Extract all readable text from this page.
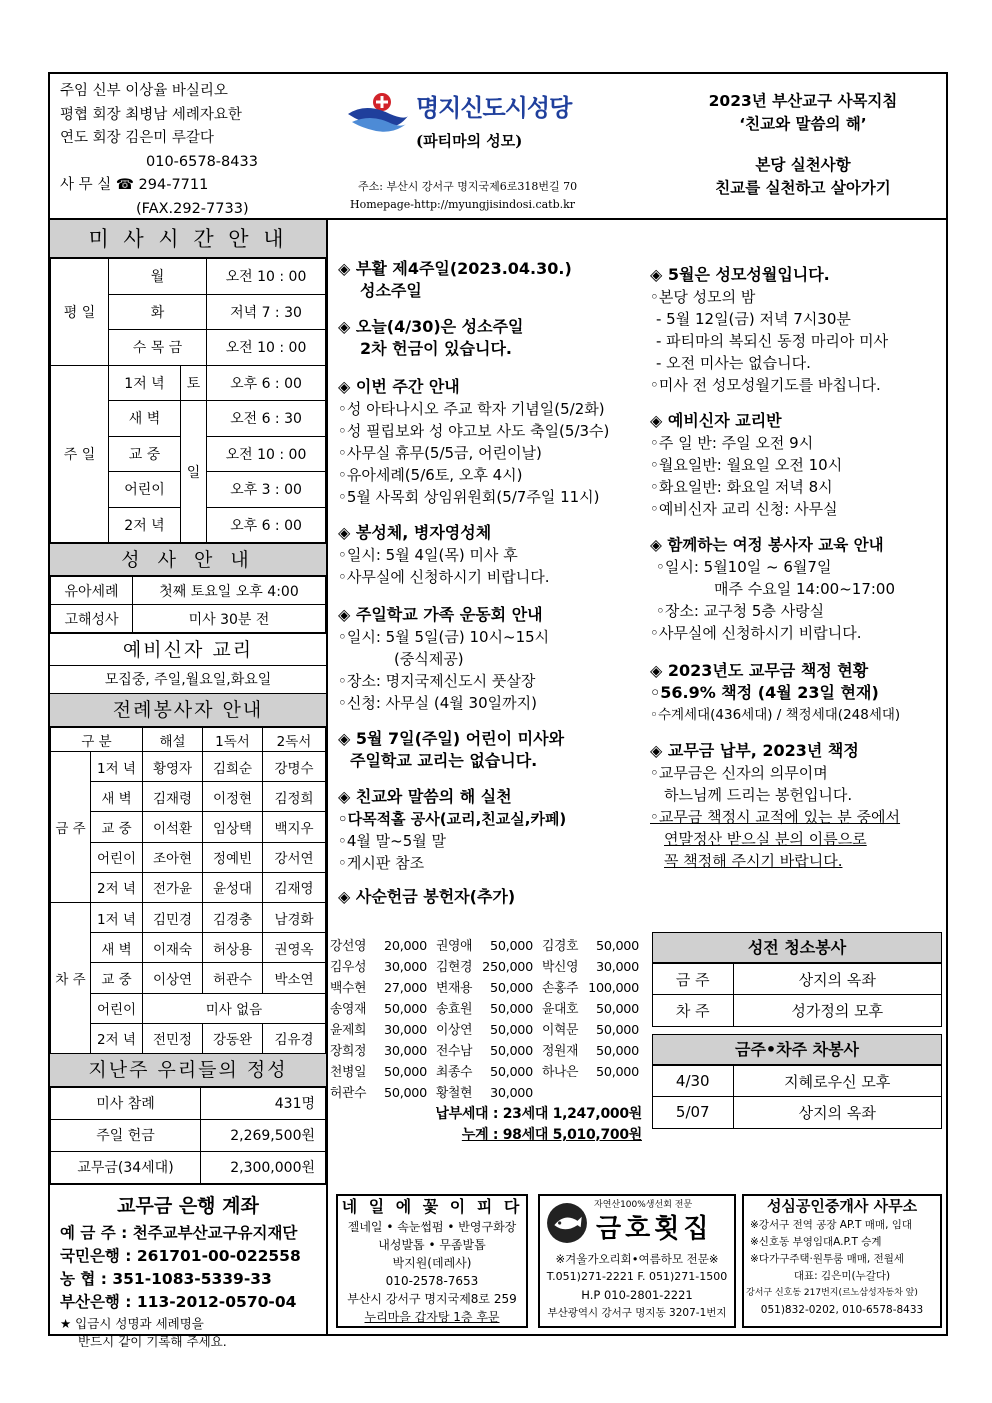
주임 신부 이상율 바실리오
평협 회장 최병남 세례자요한
연도 회장 김은미 루갈다
010-6578-8433
사 무 실 ☎ 294-7711
(FAX.292-7733)
명지신도시성당
(파티마의 성모)
주소: 부산시 강서구 명지국제6로318번길 70
Homepage-http://myungjisindosi.catb.kr
2023년 부산교구 사목지침
‘친교와 말씀의 해’
본당 실천사항
친교를 실천하고 살아가기
미 사 시 간 안 내
평 일	월		오전 10 : 00
	화		저녁 7 : 30
	수 목 금		오전 10 : 00
주 일	1저 녁	토	오후 6 : 00
	새 벽	일	오전 6 : 30
	교 중		오전 10 : 00
	어린이		오후 3 : 00
	2저 녁		오후 6 : 00
성 사 안 내
유아세례	첫째 토요일 오후 4:00
고해성사	미사 30분 전
예비신자 교리
모집중, 주일,월요일,화요일
전례봉사자 안내
구 분		해설	1독서	2독서
금 주	1저 녁	황영자	김희순	강명수
	새 벽	김재령	이정현	김정희
	교 중	이석환	임상택	백지우
	어린이	조아현	정예빈	강서연
	2저 녁	전가윤	윤성대	김재영
차 주	1저 녁	김민경	김경충	남경화
	새 벽	이재숙	허상용	권영옥
	교 중	이상연	허관수	박소연
	어린이	미사 없음		
	2저 녁	전민정	강동완	김유경
지난주 우리들의 정성
미사 참례	431명
주일 헌금	2,269,500원
교무금(34세대)	2,300,000원
교무금 은행 계좌
예 금 주 : 천주교부산교구유지재단
국민은행 : 261701-00-022558
농 협 : 351-1083-5339-33
부산은행 : 113-2012-0570-04
★ 입금시 성명과 세례명을
반드시 같이 기록해 주세요.
◈ 부활 제4주일(2023.04.30.)
성소주일
◈ 오늘(4/30)은 성소주일
2차 헌금이 있습니다.
◈ 이번 주간 안내
◦성 아타나시오 주교 학자 기념일(5/2화)
◦성 필립보와 성 야고보 사도 축일(5/3수)
◦사무실 휴무(5/5금, 어린이날)
◦유아세례(5/6토, 오후 4시)
◦5월 사목회 상임위원회(5/7주일 11시)
◈ 봉성체, 병자영성체
◦일시: 5월 4일(목) 미사 후
◦사무실에 신청하시기 비랍니다.
◈ 주일학교 가족 운동회 안내
◦일시: 5월 5일(금) 10시~15시
(중식제공)
◦장소: 명지국제신도시 풋살장
◦신청: 사무실 (4월 30일까지)
◈ 5월 7일(주일) 어린이 미사와
주일학교 교리는 없습니다.
◈ 친교와 말씀의 해 실천
◦다목적홀 공사(교리,친교실,카페)
◦4월 말~5월 말
◦게시판 참조
◈ 사순헌금 봉헌자(추가)
강선영 20,000 권영애 50,000 김경호 50,000
김우성 30,000 김현경 250,000 박신영 30,000
백수현 27,000 변재용 50,000 손홍주 100,000
송영재 50,000 송효원 50,000 윤대호 50,000
윤제희 30,000 이상연 50,000 이혁문 50,000
장희정 30,000 전수남 50,000 정원재 50,000
천병일 50,000 최종수 50,000 하나은 50,000
허관수 50,000 황철현 30,000
납부세대 : 23세대 1,247,000원
누계 : 98세대 5,010,700원
◈ 5월은 성모성월입니다.
◦본당 성모의 밤
- 5월 12일(금) 저녁 7시30분
- 파티마의 복되신 동정 마리아 미사
- 오전 미사는 없습니다.
◦미사 전 성모성월기도를 바칩니다.
◈ 예비신자 교리반
◦주 일 반: 주일 오전 9시
◦월요일반: 월요일 오전 10시
◦화요일반: 화요일 저녁 8시
◦예비신자 교리 신청: 사무실
◈ 함께하는 여정 봉사자 교육 안내
◦일시: 5월10일 ~ 6월7일
매주 수요일 14:00~17:00
◦장소: 교구청 5층 사랑실
◦사무실에 신청하시기 비랍니다.
◈ 2023년도 교무금 책정 현황
◦56.9% 책정 (4월 23일 현재)
◦수계세대(436세대) / 책정세대(248세대)
◈ 교무금 납부, 2023년 책정
◦교무금은 신자의 의무이며
하느님께 드리는 봉헌입니다.
◦교무금 책정시 교적에 있는 분 중에서
연말정산 받으실 분의 이름으로
꼭 책정해 주시기 바랍니다.
성전 청소봉사
금 주	상지의 옥좌
차 주	성가정의 모후
금주•차주 차봉사
4/30	지혜로우신 모후
5/07	상지의 옥좌
네 일 에 꽃 이 피 다
젤네일 • 속눈썹펌 • 반영구화장
내성발톱 • 무좀발톱
박지원(데레사)
010-2578-7653
부산시 강서구 명지국제8로 259
누리마을 갑자탕 1층 후문
자연산100%생선회 전문
금호횟집
※겨울가오리회•여름하모 전문※
T.051)271-2221 F. 051)271-1500
H.P 010-2801-2221
부산광역시 강서구 명지동 3207-1번지
성심공인중개사 사무소
※강서구 전역 공장 AP.T 매매, 임대
※신호동 부영임대A.P.T 승계
※다가구주택·원투룸 매매, 전월세
대표: 김은미(누갈다)
강서구 신호동 217번지(르노삼성자동차 앞)
051)832-0202, 010-6578-8433
